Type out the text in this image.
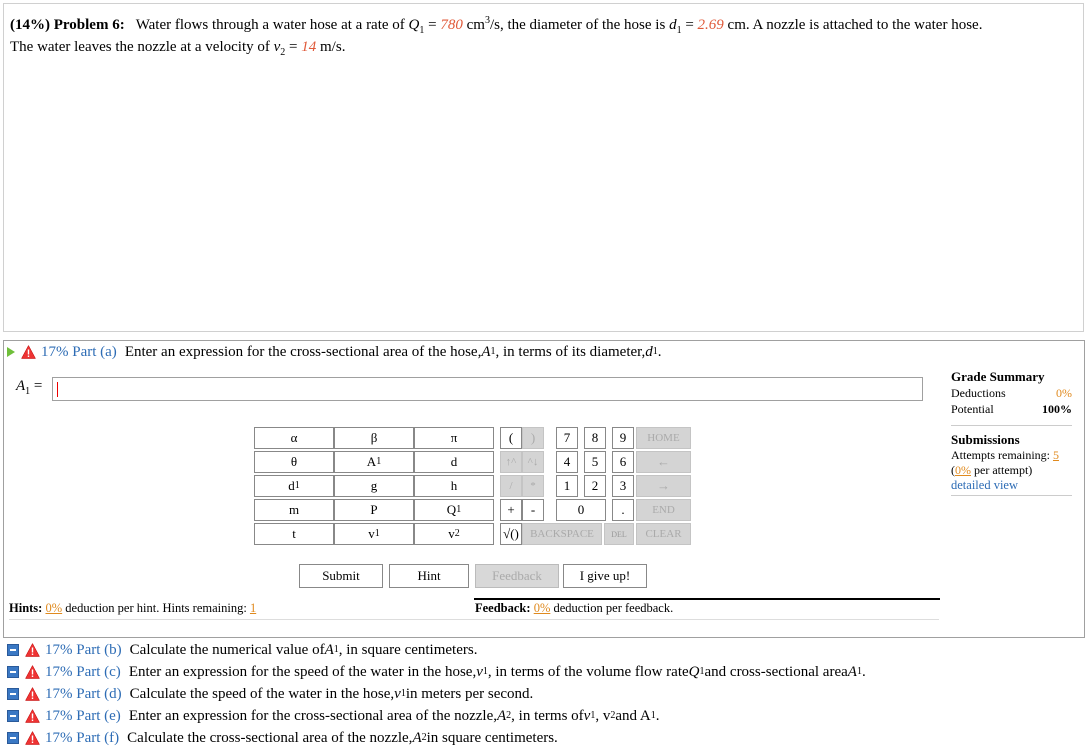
(14%) Problem 6: Water flows through a water hose at a rate of $Q_1 = 780$ $cm^3/s$, the diameter of the hose is $d_1 = 2.69$ cm. A nozzle is attached to the water hose.
The water leaves the nozzle at a velocity of $v_2 = 14$ m/s.
17% Part (a) Enter an expression for the cross-sectional area of the hose, A 1 , in terms of its diameter, d 1 .
$A_1$ =
Grade Summary
Deductions	0%
Potential	100%
Submissions
Attempts remaining: 5
(0% per attempt)
detailed view
α	β	π
θ	A 1	d
d 1	g	h
m	P	Q 1
t	v 1	v 2
(	)
↑^	^↓
/	*
+	-
√()	BACKSPACE	DEL
7	8	9
4	5	6
1	2	3
0	.
HOME
←
→
END
CLEAR
Submit	Hint	Feedback	I give up!
Hints: 0% deduction per hint. Hints remaining: 1	Feedback: 0% deduction per feedback.
17% Part (b) Calculate the numerical value of A 1 , in square centimeters.
17% Part (c) Enter an expression for the speed of the water in the hose, v 1 , in terms of the volume flow rate Q 1 and cross-sectional area A 1 .
17% Part (d) Calculate the speed of the water in the hose, v 1 in meters per second.
17% Part (e) Enter an expression for the cross-sectional area of the nozzle, A 2 , in terms of v 1 , v 2 and A 1 .
17% Part (f) Calculate the cross-sectional area of the nozzle, A 2 in square centimeters.
